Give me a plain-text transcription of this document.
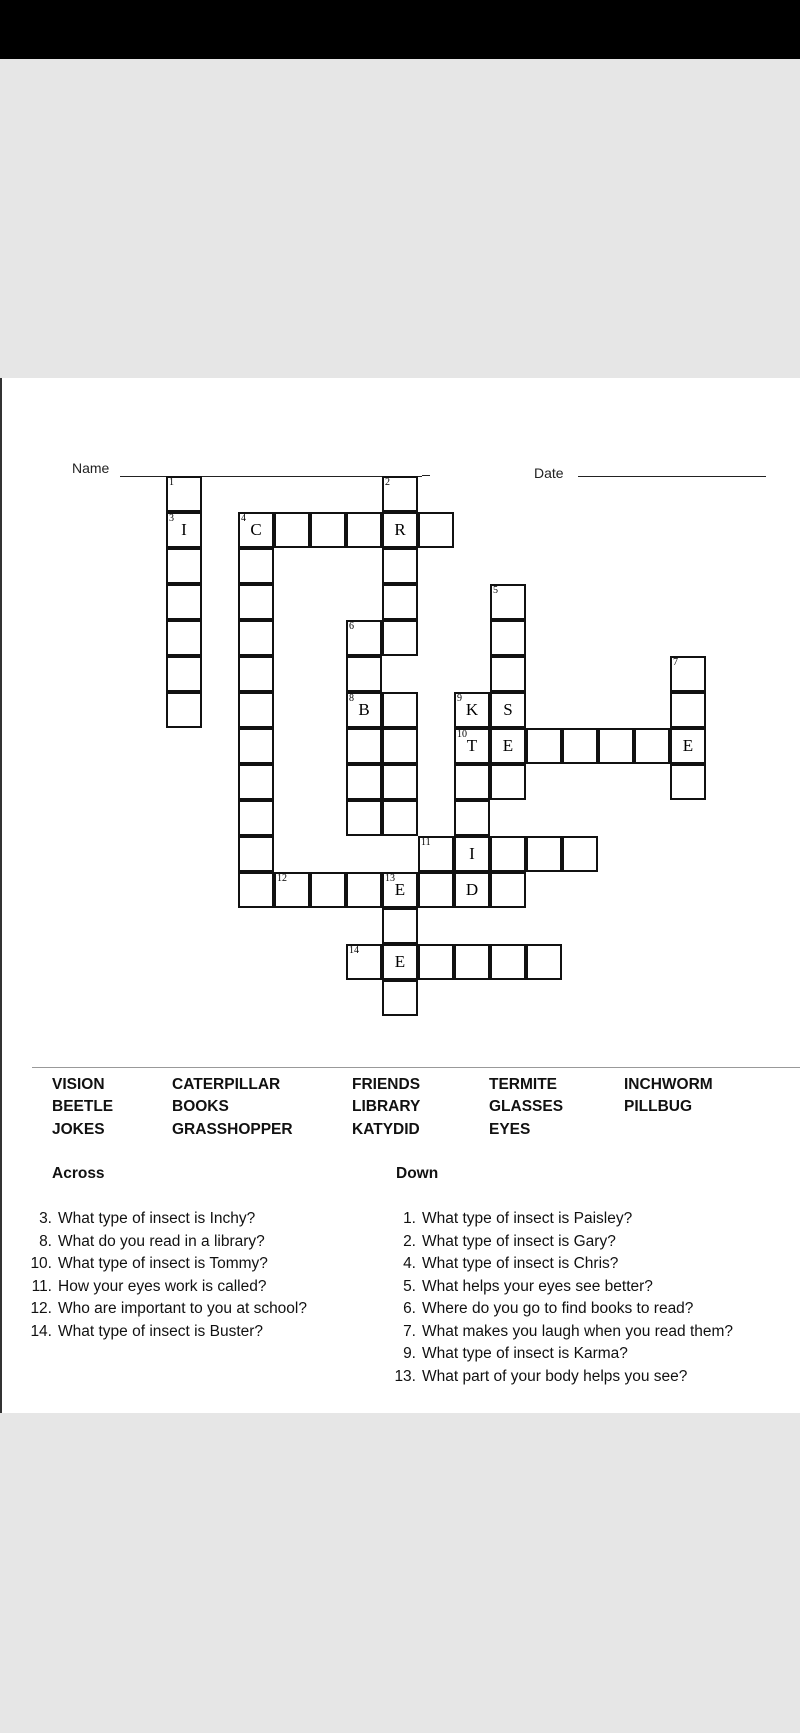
Name	Date
1
3
I
4
C	R
2
6
8
B
9
K S
5
E
10
T
I
D
E
7
11
12	13
E
14
E
VISION	CATERPILLAR	FRIENDS	TERMITE	INCHWORM
BEETLE	BOOKS	LIBRARY	GLASSES	PILLBUG
JOKES	GRASSHOPPER	KATYDID	EYES
Across	Down
3. What type of insect is Inchy?
8. What do you read in a library?
10. What type of insect is Tommy?
11. How your eyes work is called?
12. Who are important to you at school?
14. What type of insect is Buster?
1. What type of insect is Paisley?
2. What type of insect is Gary?
4. What type of insect is Chris?
5. What helps your eyes see better?
6. Where do you go to find books to read?
7. What makes you laugh when you read them?
9. What type of insect is Karma?
13. What part of your body helps you see?
